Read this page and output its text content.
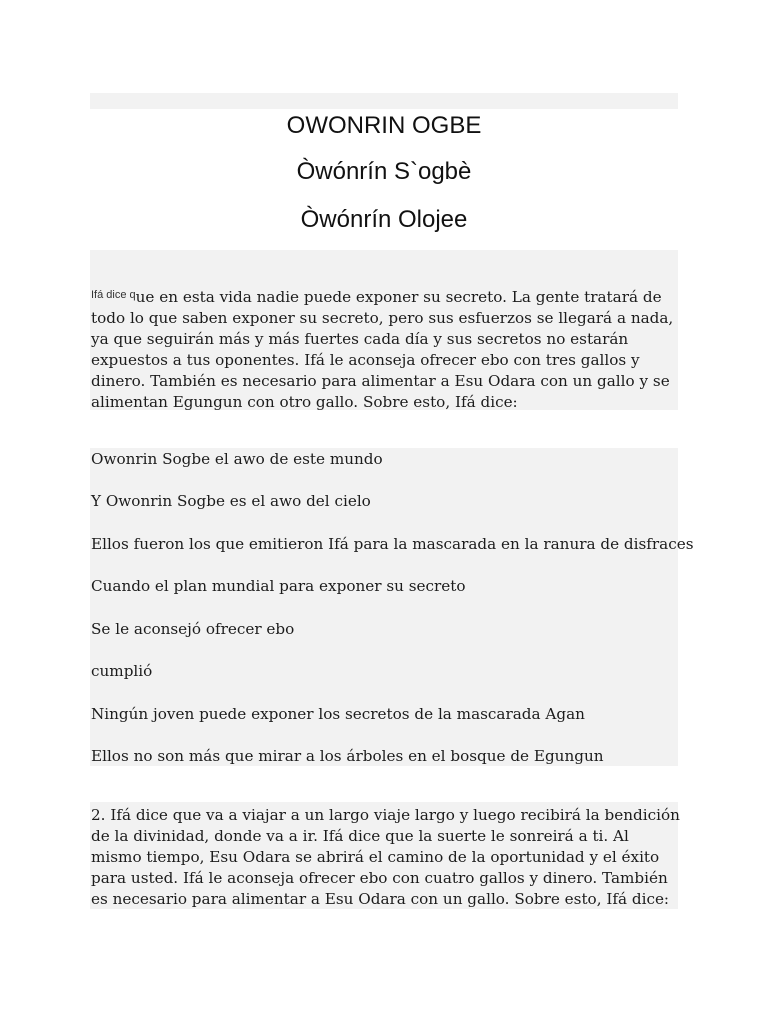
OWONRIN OGBE
Òwónrín S`ogbè
Òwónrín Olojee
$^{Ifá dice q}$ue en esta vida nadie puede exponer su secreto. La gente tratará de todo lo que saben exponer su secreto, pero sus esfuerzos se llegará a nada, ya que seguirán más y más fuertes cada día y sus secretos no estarán expuestos a tus oponentes. Ifá le aconseja ofrecer ebo con tres gallos y dinero. También es necesario para alimentar a Esu Odara con un gallo y se alimentan Egungun con otro gallo. Sobre esto, Ifá dice:
Owonrin Sogbe el awo de este mundo
Y Owonrin Sogbe es el awo del cielo
Ellos fueron los que emitieron Ifá para la mascarada en la ranura de disfraces
Cuando el plan mundial para exponer su secreto
Se le aconsejó ofrecer ebo
cumplió
Ningún joven puede exponer los secretos de la mascarada Agan
Ellos no son más que mirar a los árboles en el bosque de Egungun
2. Ifá dice que va a viajar a un largo viaje largo y luego recibirá la bendición de la divinidad, donde va a ir. Ifá dice que la suerte le sonreirá a ti. Al mismo tiempo, Esu Odara se abrirá el camino de la oportunidad y el éxito para usted. Ifá le aconseja ofrecer ebo con cuatro gallos y dinero. También es necesario para alimentar a Esu Odara con un gallo. Sobre esto, Ifá dice:
